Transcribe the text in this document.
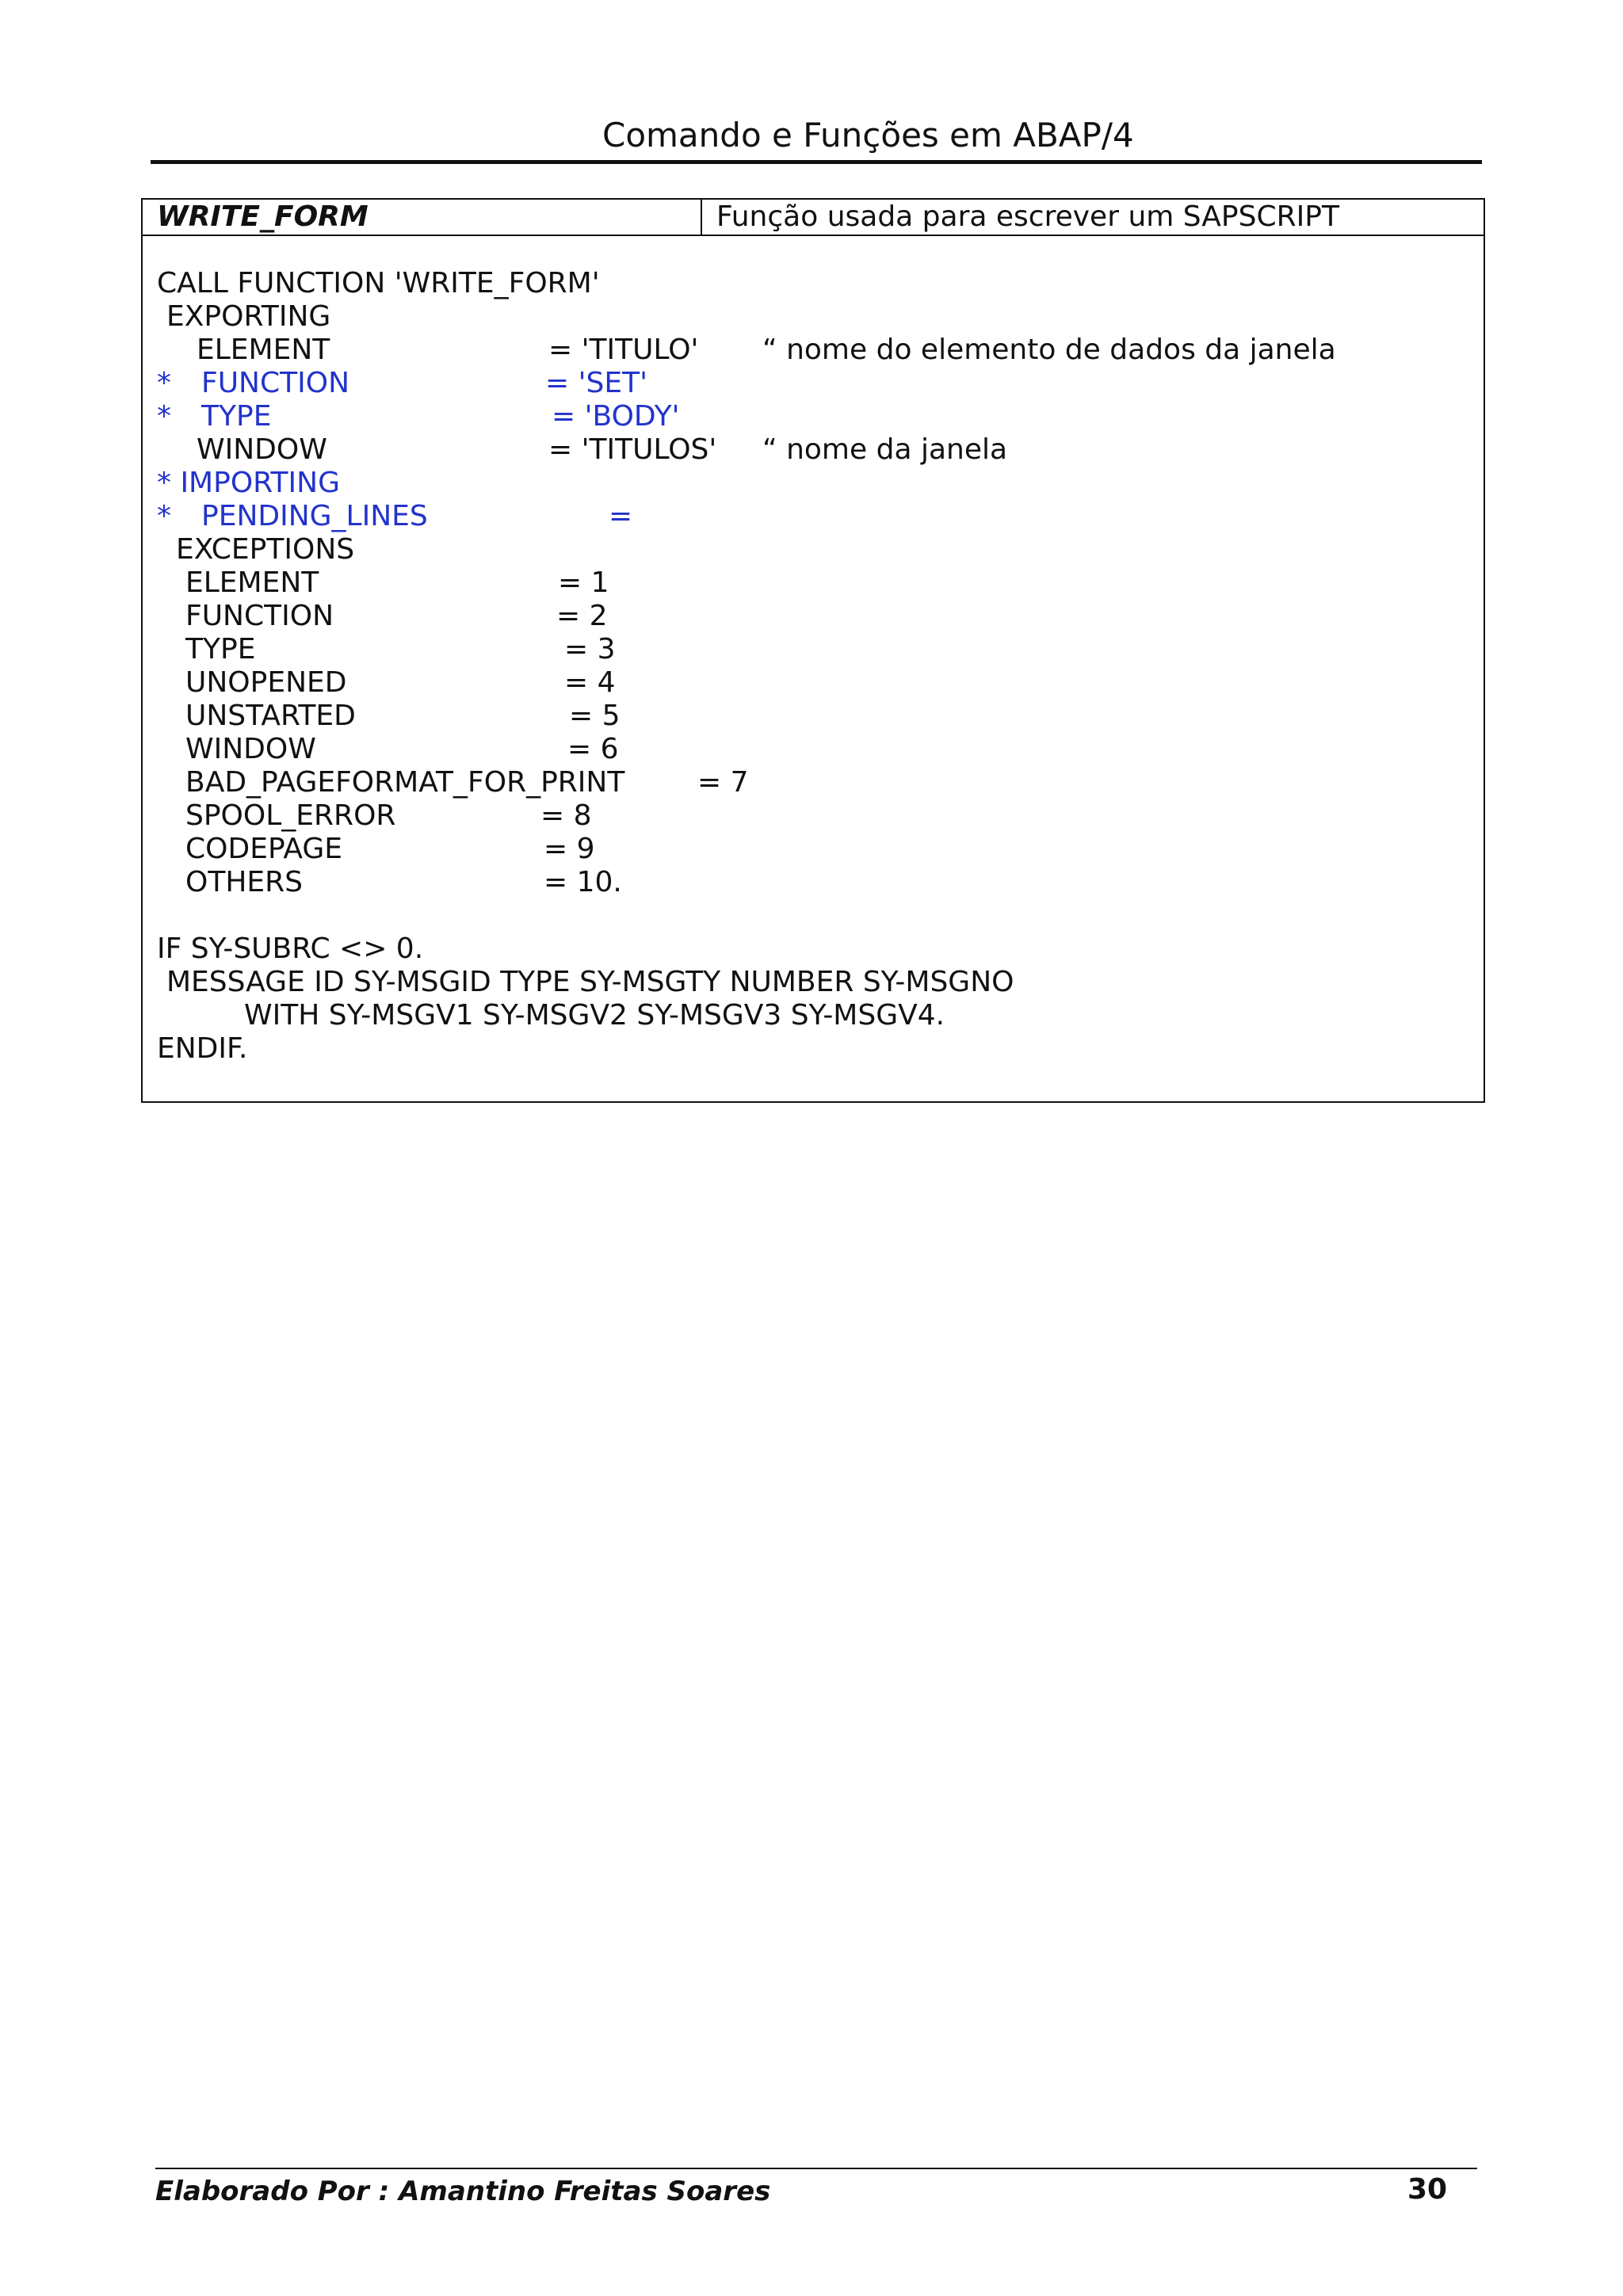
Comando e Funções em ABAP/4
WRITE_FORM	Função usada para escrever um SAPSCRIPT
CALL FUNCTION 'WRITE_FORM'
EXPORTING
ELEMENT	= 'TITULO' “ nome do elemento de dados da janela
* FUNCTION	= 'SET'
* TYPE	= 'BODY'
WINDOW	= 'TITULOS' “ nome da janela
* IMPORTING
* PENDING_LINES	=
EXCEPTIONS
ELEMENT	= 1
FUNCTION	= 2
TYPE	= 3
UNOPENED	= 4
UNSTARTED	= 5
WINDOW	= 6
BAD_PAGEFORMAT_FOR_PRINT	= 7
SPOOL_ERROR	= 8
CODEPAGE	= 9
OTHERS	= 10.
IF SY-SUBRC <> 0.
MESSAGE ID SY-MSGID TYPE SY-MSGTY NUMBER SY-MSGNO
WITH SY-MSGV1 SY-MSGV2 SY-MSGV3 SY-MSGV4.
ENDIF.
Elaborado Por : Amantino Freitas Soares	30
